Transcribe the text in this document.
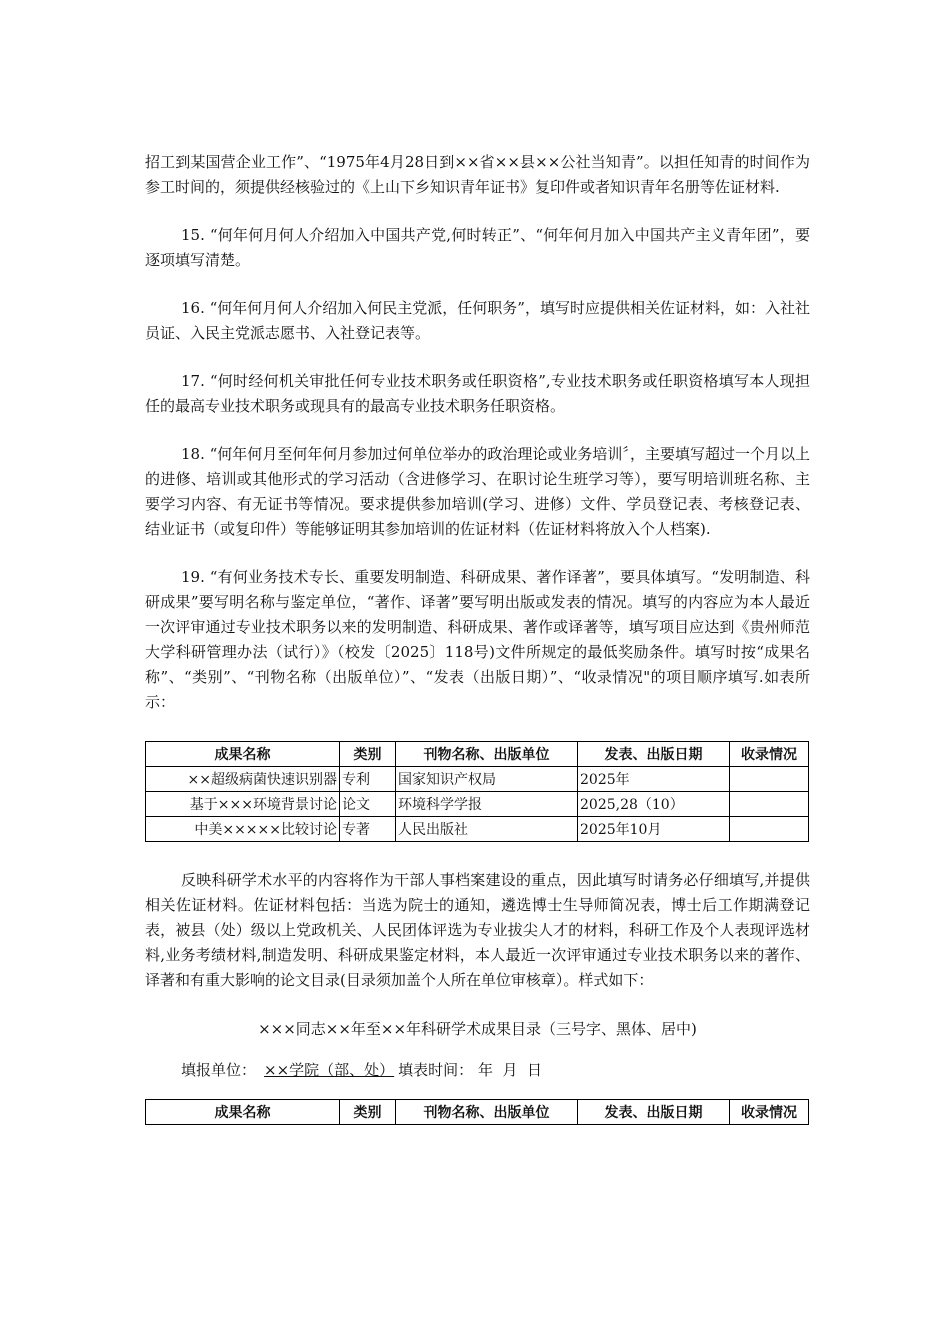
招工到某国营企业工作”、“1975年4月28日到××省××县××公社当知青”。以担任知青的时间作为参工时间的，须提供经核验过的《上山下乡知识青年证书》复印件或者知识青年名册等佐证材料.

15. “何年何月何人介绍加入中国共产党,何时转正”、“何年何月加入中国共产主义青年团”，要逐项填写清楚。

16. “何年何月何人介绍加入何民主党派，任何职务”，填写时应提供相关佐证材料，如：入社社员证、入民主党派志愿书、入社登记表等。

17. “何时经何机关审批任何专业技术职务或任职资格”,专业技术职务或任职资格填写本人现担任的最高专业技术职务或现具有的最高专业技术职务任职资格。

18. “何年何月至何年何月参加过何单位举办的政治理论或业务培训〞，主要填写超过一个月以上的进修、培训或其他形式的学习活动（含进修学习、在职讨论生班学习等），要写明培训班名称、主要学习内容、有无证书等情况。要求提供参加培训(学习、进修）文件、学员登记表、考核登记表、结业证书（或复印件）等能够证明其参加培训的佐证材料（佐证材料将放入个人档案).

19. “有何业务技术专长、重要发明制造、科研成果、著作译著”，要具体填写。“发明制造、科研成果”要写明名称与鉴定单位，“著作、译著”要写明出版或发表的情况。填写的内容应为本人最近一次评审通过专业技术职务以来的发明制造、科研成果、著作或译著等，填写项目应达到《贵州师范大学科研管理办法（试行）》（校发〔2025〕118号)文件所规定的最低奖励条件。填写时按“成果名称”、“类别”、“刊物名称（出版单位）”、“发表（出版日期）”、“收录情况"的项目顺序填写.如表所示：

成果名称	类别	刊物名称、出版单位	发表、出版日期	收录情况
××超级病菌快速识别器	专利	国家知识产权局	2025年	
基于×××环境背景讨论	论文	环境科学学报	2025,28（10）	
中美×××××比较讨论	专著	人民出版社	2025年10月	

反映科研学术水平的内容将作为干部人事档案建设的重点，因此填写时请务必仔细填写,并提供相关佐证材料。佐证材料包括：当选为院士的通知，遴选博士生导师简况表，博士后工作期满登记表，被县（处）级以上党政机关、人民团体评选为专业拔尖人才的材料，科研工作及个人表现评选材料,业务考绩材料,制造发明、科研成果鉴定材料，本人最近一次评审通过专业技术职务以来的著作、译著和有重大影响的论文目录(目录须加盖个人所在单位审核章）。样式如下：

×××同志××年至××年科研学术成果目录（三号字、黑体、居中)

填报单位： ××学院（部、处） 填表时间： 年  月  日

成果名称	类别	刊物名称、出版单位	发表、出版日期	收录情况
